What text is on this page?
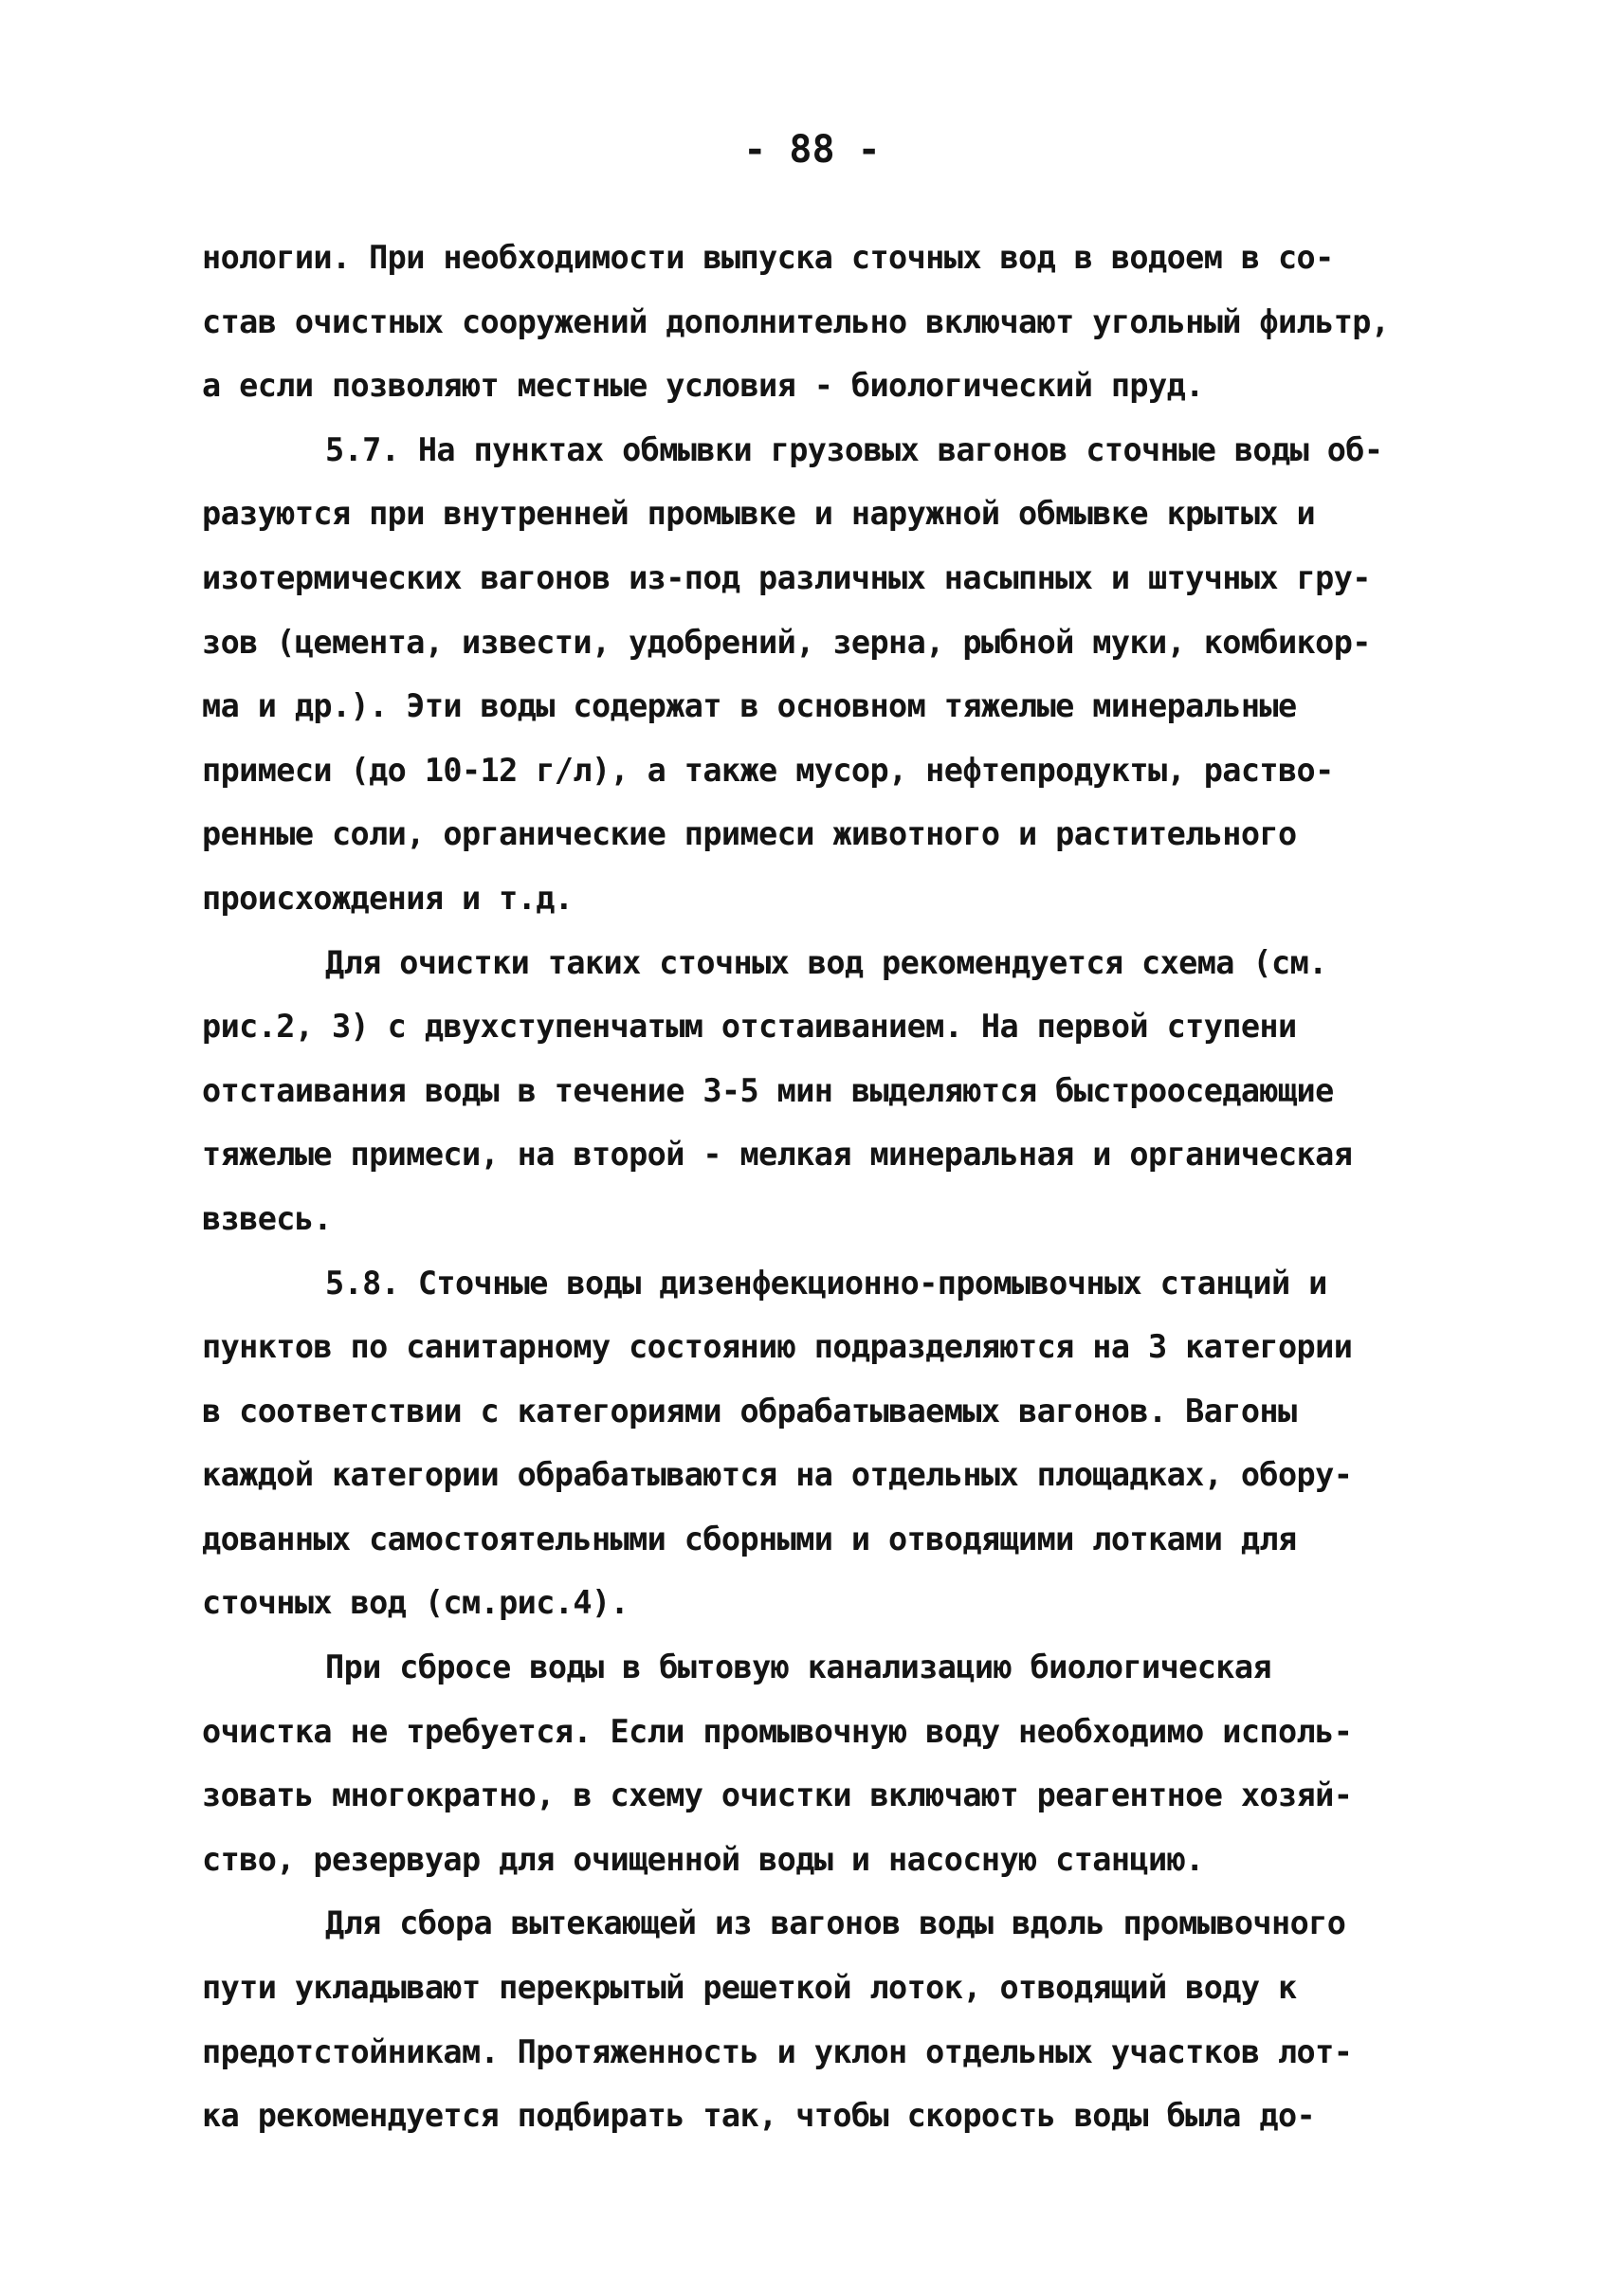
- 88 -
нологии. При необходимости выпуска сточных вод в водоем в со-
став очистных сооружений дополнительно включают угольный фильтр,
а если позволяют местные условия - биологический пруд.
5.7. На пунктах обмывки грузовых вагонов сточные воды об-
разуются при внутренней промывке и наружной обмывке крытых и
изотермических вагонов из-под различных насыпных и штучных гру-
зов (цемента, извести, удобрений, зерна, рыбной муки, комбикор-
ма и др.). Эти воды содержат в основном тяжелые минеральные
примеси (до 10-12 г/л), а также мусор, нефтепродукты, раство-
ренные соли, органические примеси животного и растительного
происхождения и т.д.
Для очистки таких сточных вод рекомендуется схема (см.
рис.2, 3) с двухступенчатым отстаиванием. На первой ступени
отстаивания воды в течение 3-5 мин выделяются быстрооседающие
тяжелые примеси, на второй - мелкая минеральная и органическая
взвесь.
5.8. Сточные воды дизенфекционно-промывочных станций и
пунктов по санитарному состоянию подразделяются на 3 категории
в соответствии с категориями обрабатываемых вагонов. Вагоны
каждой категории обрабатываются на отдельных площадках, обору-
дованных самостоятельными сборными и отводящими лотками для
сточных вод (см.рис.4).
При сбросе воды в бытовую канализацию биологическая
очистка не требуется. Если промывочную воду необходимо исполь-
зовать многократно, в схему очистки включают реагентное хозяй-
ство, резервуар для очищенной воды и насосную станцию.
Для сбора вытекающей из вагонов воды вдоль промывочного
пути укладывают перекрытый решеткой лоток, отводящий воду к
предотстойникам. Протяженность и уклон отдельных участков лот-
ка рекомендуется подбирать так, чтобы скорость воды была до-
